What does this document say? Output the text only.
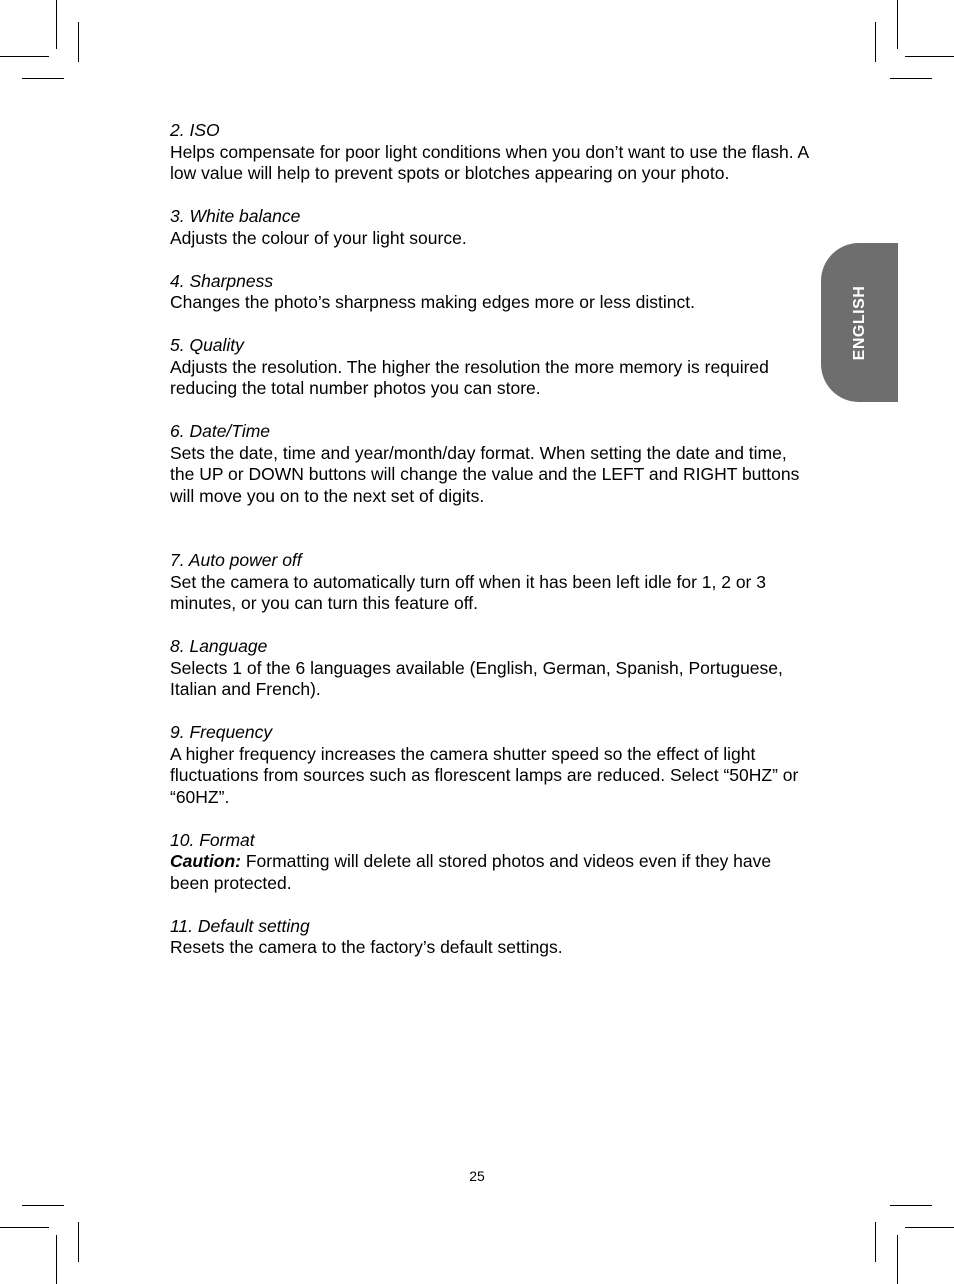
ENGLISH
2. ISO
Helps compensate for poor light conditions when you don’t want to use the flash. A low value will help to prevent spots or blotches appearing on your photo.
3. White balance
Adjusts the colour of your light source.
4. Sharpness
Changes the photo’s sharpness making edges more or less distinct.
5. Quality
Adjusts the resolution. The higher the resolution the more memory is required reducing the total number photos you can store.
6. Date/Time
Sets the date, time and year/month/day format. When setting the date and time, the UP or DOWN buttons will change the value and the LEFT and RIGHT buttons will move you on to the next set of digits.
7. Auto power off
Set the camera to automatically turn off when it has been left idle for 1, 2 or 3 minutes, or you can turn this feature off.
8. Language
Selects 1 of the 6 languages available (English, German, Spanish, Portuguese, Italian and French).
9. Frequency
A higher frequency increases the camera shutter speed so the effect of light fluctuations from sources such as florescent lamps are reduced. Select “50HZ” or “60HZ”.
10. Format
Caution: Formatting will delete all stored photos and videos even if they have been protected.
11. Default setting
Resets the camera to the factory’s default settings.
25
